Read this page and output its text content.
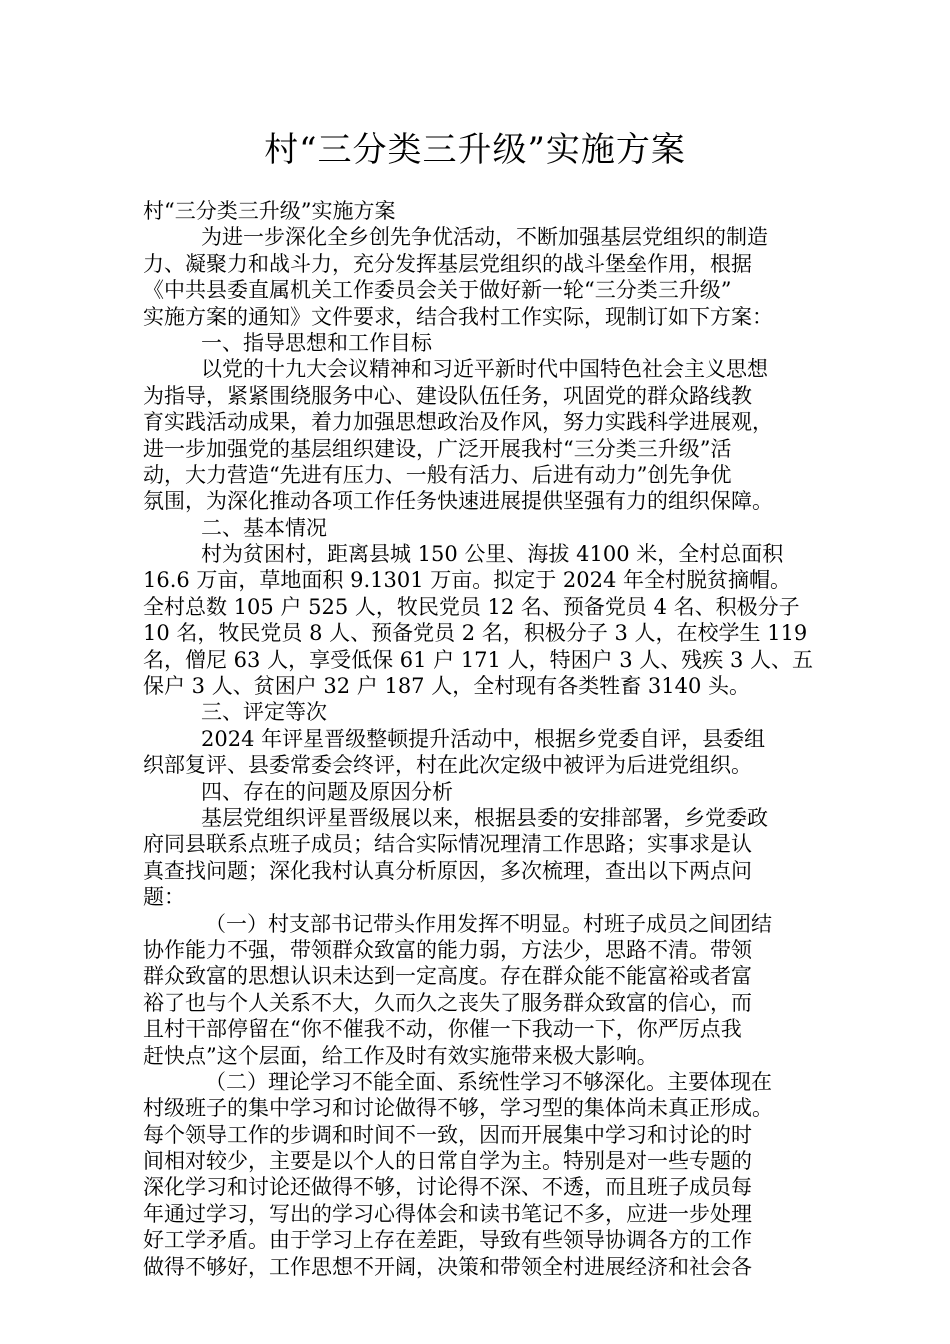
村“三分类三升级”实施方案
村“三分类三升级”实施方案
为进一步深化全乡创先争优活动，不断加强基层党组织的制造
力、凝聚力和战斗力，充分发挥基层党组织的战斗堡垒作用，根据
《中共县委直属机关工作委员会关于做好新一轮“三分类三升级”
实施方案的通知》文件要求，结合我村工作实际，现制订如下方案：
一、指导思想和工作目标
以党的十九大会议精神和习近平新时代中国特色社会主义思想
为指导，紧紧围绕服务中心、建设队伍任务，巩固党的群众路线教
育实践活动成果，着力加强思想政治及作风，努力实践科学进展观，
进一步加强党的基层组织建设，广泛开展我村“三分类三升级”活
动，大力营造“先进有压力、一般有活力、后进有动力”创先争优
氛围，为深化推动各项工作任务快速进展提供坚强有力的组织保障。
二、基本情况
村为贫困村，距离县城 150 公里、海拔 4100 米，全村总面积
16.6 万亩，草地面积 9.1301 万亩。拟定于 2024 年全村脱贫摘帽。
全村总数 105 户 525 人，牧民党员 12 名、预备党员 4 名、积极分子
10 名，牧民党员 8 人、预备党员 2 名，积极分子 3 人，在校学生 119
名，僧尼 63 人，享受低保 61 户 171 人，特困户 3 人、残疾 3 人、五
保户 3 人、贫困户 32 户 187 人，全村现有各类牲畜 3140 头。
三、评定等次
2024 年评星晋级整顿提升活动中，根据乡党委自评，县委组
织部复评、县委常委会终评，村在此次定级中被评为后进党组织。
四、存在的问题及原因分析
基层党组织评星晋级展以来，根据县委的安排部署，乡党委政
府同县联系点班子成员；结合实际情况理清工作思路；实事求是认
真查找问题；深化我村认真分析原因，多次梳理，查出以下两点问
题：
（一）村支部书记带头作用发挥不明显。村班子成员之间团结
协作能力不强，带领群众致富的能力弱，方法少，思路不清。带领
群众致富的思想认识未达到一定高度。存在群众能不能富裕或者富
裕了也与个人关系不大，久而久之丧失了服务群众致富的信心，而
且村干部停留在“你不催我不动，你催一下我动一下，你严厉点我
赶快点”这个层面，给工作及时有效实施带来极大影响。
（二）理论学习不能全面、系统性学习不够深化。主要体现在
村级班子的集中学习和讨论做得不够，学习型的集体尚未真正形成。
每个领导工作的步调和时间不一致，因而开展集中学习和讨论的时
间相对较少，主要是以个人的日常自学为主。特别是对一些专题的
深化学习和讨论还做得不够，讨论得不深、不透，而且班子成员每
年通过学习，写出的学习心得体会和读书笔记不多，应进一步处理
好工学矛盾。由于学习上存在差距，导致有些领导协调各方的工作
做得不够好，工作思想不开阔，决策和带领全村进展经济和社会各
